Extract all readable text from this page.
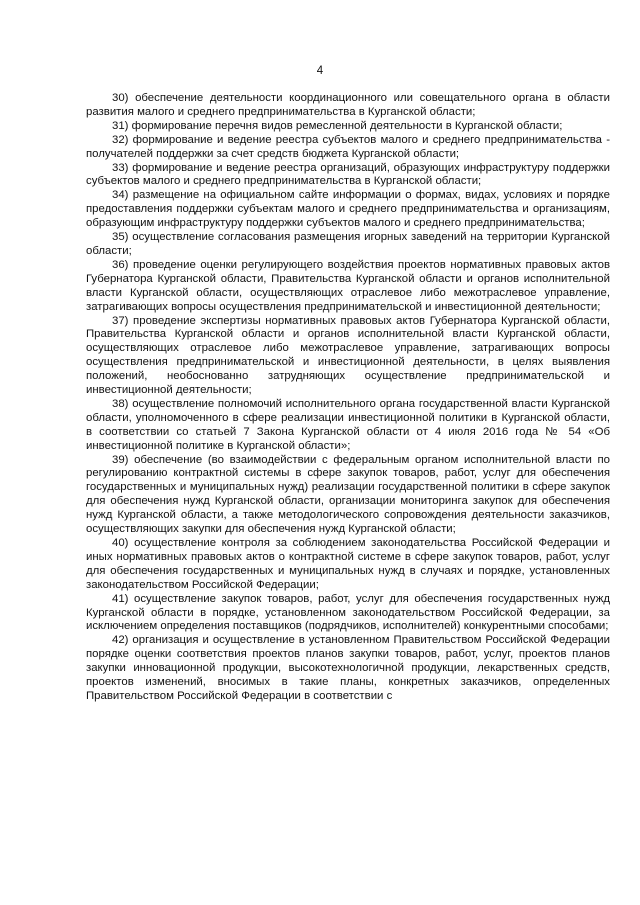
4

30) обеспечение деятельности координационного или совещательного органа в области развития малого и среднего предпринимательства в Курганской области;

31) формирование перечня видов ремесленной деятельности в Курганской области;

32) формирование и ведение реестра субъектов малого и среднего предпринимательства - получателей поддержки за счет средств бюджета Курганской области;

33) формирование и ведение реестра организаций, образующих инфраструктуру поддержки субъектов малого и среднего предпринимательства в Курганской области;

34) размещение на официальном сайте информации о формах, видах, условиях и порядке предоставления поддержки субъектам малого и среднего предпринимательства и организациям, образующим инфраструктуру поддержки субъектов малого и среднего предпринимательства;

35) осуществление согласования размещения игорных заведений на территории Курганской области;

36) проведение оценки регулирующего воздействия проектов нормативных правовых актов Губернатора Курганской области, Правительства Курганской области и органов исполнительной власти Курганской области, осуществляющих отраслевое либо межотраслевое управление, затрагивающих вопросы осуществления предпринимательской и инвестиционной деятельности;

37) проведение экспертизы нормативных правовых актов Губернатора Курганской области, Правительства Курганской области и органов исполнительной власти Курганской области, осуществляющих отраслевое либо межотраслевое управление, затрагивающих вопросы осуществления предпринимательской и инвестиционной деятельности, в целях выявления положений, необоснованно затрудняющих осуществление предпринимательской и инвестиционной деятельности;

38) осуществление полномочий исполнительного органа государственной власти Курганской области, уполномоченного в сфере реализации инвестиционной политики в Курганской области, в соответствии со статьей 7 Закона Курганской области от 4 июля 2016 года № 54 «Об инвестиционной политике в Курганской области»;

39) обеспечение (во взаимодействии с федеральным органом исполнительной власти по регулированию контрактной системы в сфере закупок товаров, работ, услуг для обеспечения государственных и муниципальных нужд) реализации государственной политики в сфере закупок для обеспечения нужд Курганской области, организации мониторинга закупок для обеспечения нужд Курганской области, а также методологического сопровождения деятельности заказчиков, осуществляющих закупки для обеспечения нужд Курганской области;

40) осуществление контроля за соблюдением законодательства Российской Федерации и иных нормативных правовых актов о контрактной системе в сфере закупок товаров, работ, услуг для обеспечения государственных и муниципальных нужд в случаях и порядке, установленных законодательством Российской Федерации;

41) осуществление закупок товаров, работ, услуг для обеспечения государственных нужд Курганской области в порядке, установленном законодательством Российской Федерации, за исключением определения поставщиков (подрядчиков, исполнителей) конкурентными способами;

42) организация и осуществление в установленном Правительством Российской Федерации порядке оценки соответствия проектов планов закупки товаров, работ, услуг, проектов планов закупки инновационной продукции, высокотехнологичной продукции, лекарственных средств, проектов изменений, вносимых в такие планы, конкретных заказчиков, определенных Правительством Российской Федерации в соответствии с
